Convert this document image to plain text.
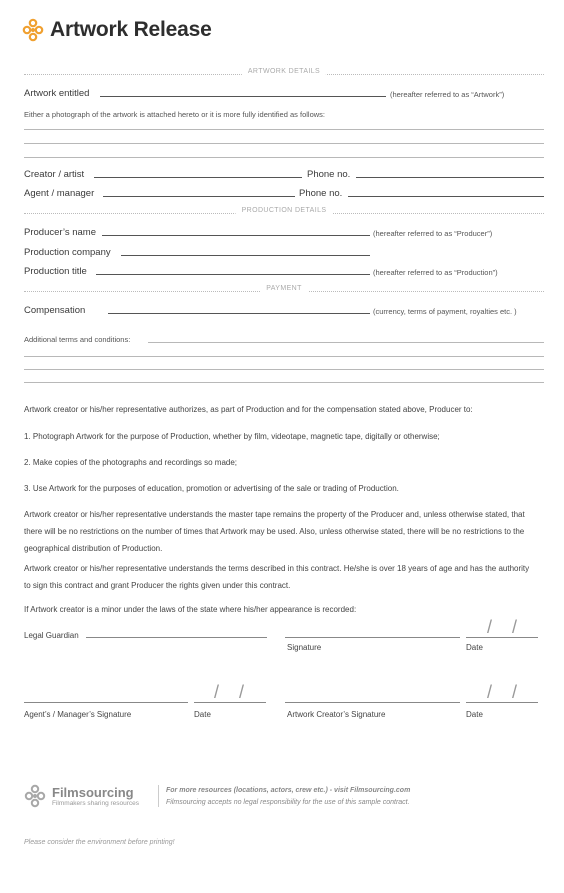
Artwork Release
ARTWORK DETAILS
Artwork entitled	(hereafter referred to as “Artwork”)
Either a photograph of the artwork is attached hereto or it is more fully identified as follows:
Creator / artist	Phone no.
Agent / manager	Phone no.
PRODUCTION DETAILS
Producer’s name	(hereafter referred to as “Producer”)
Production company
Production title	(hereafter referred to as “Production”)
PAYMENT
Compensation	(currency, terms of payment, royalties etc. )
Additional terms and conditions:
Artwork creator or his/her representative authorizes, as part of Production and for the compensation stated above, Producer to:
1. Photograph Artwork for the purpose of Production, whether by film, videotape, magnetic tape, digitally or otherwise;
2. Make copies of the photographs and recordings so made;
3. Use Artwork for the purposes of education, promotion or advertising of the sale or trading of Production.
Artwork creator or his/her representative understands the master tape remains the property of the Producer and, unless otherwise stated, that there will be no restrictions on the number of times that Artwork may be used. Also, unless otherwise stated, there will be no restrictions to the geographical distribution of Production.
Artwork creator or his/her representative understands the terms described in this contract. He/she is over 18 years of age and has the authority to sign this contract and grant Producer the rights given under this contract.
If Artwork creator is a minor under the laws of the state where his/her appearance is recorded:
Legal Guardian
Signature
/ /
Date
Agent’s / Manager’s Signature
/ /
Date	Artwork Creator’s Signature
/ /
Date
Filmsourcing
Filmmakers sharing resources
For more resources (locations, actors, crew etc.) - visit Filmsourcing.com
Filmsourcing accepts no legal responsibility for the use of this sample contract.
Please consider the environment before printing!
